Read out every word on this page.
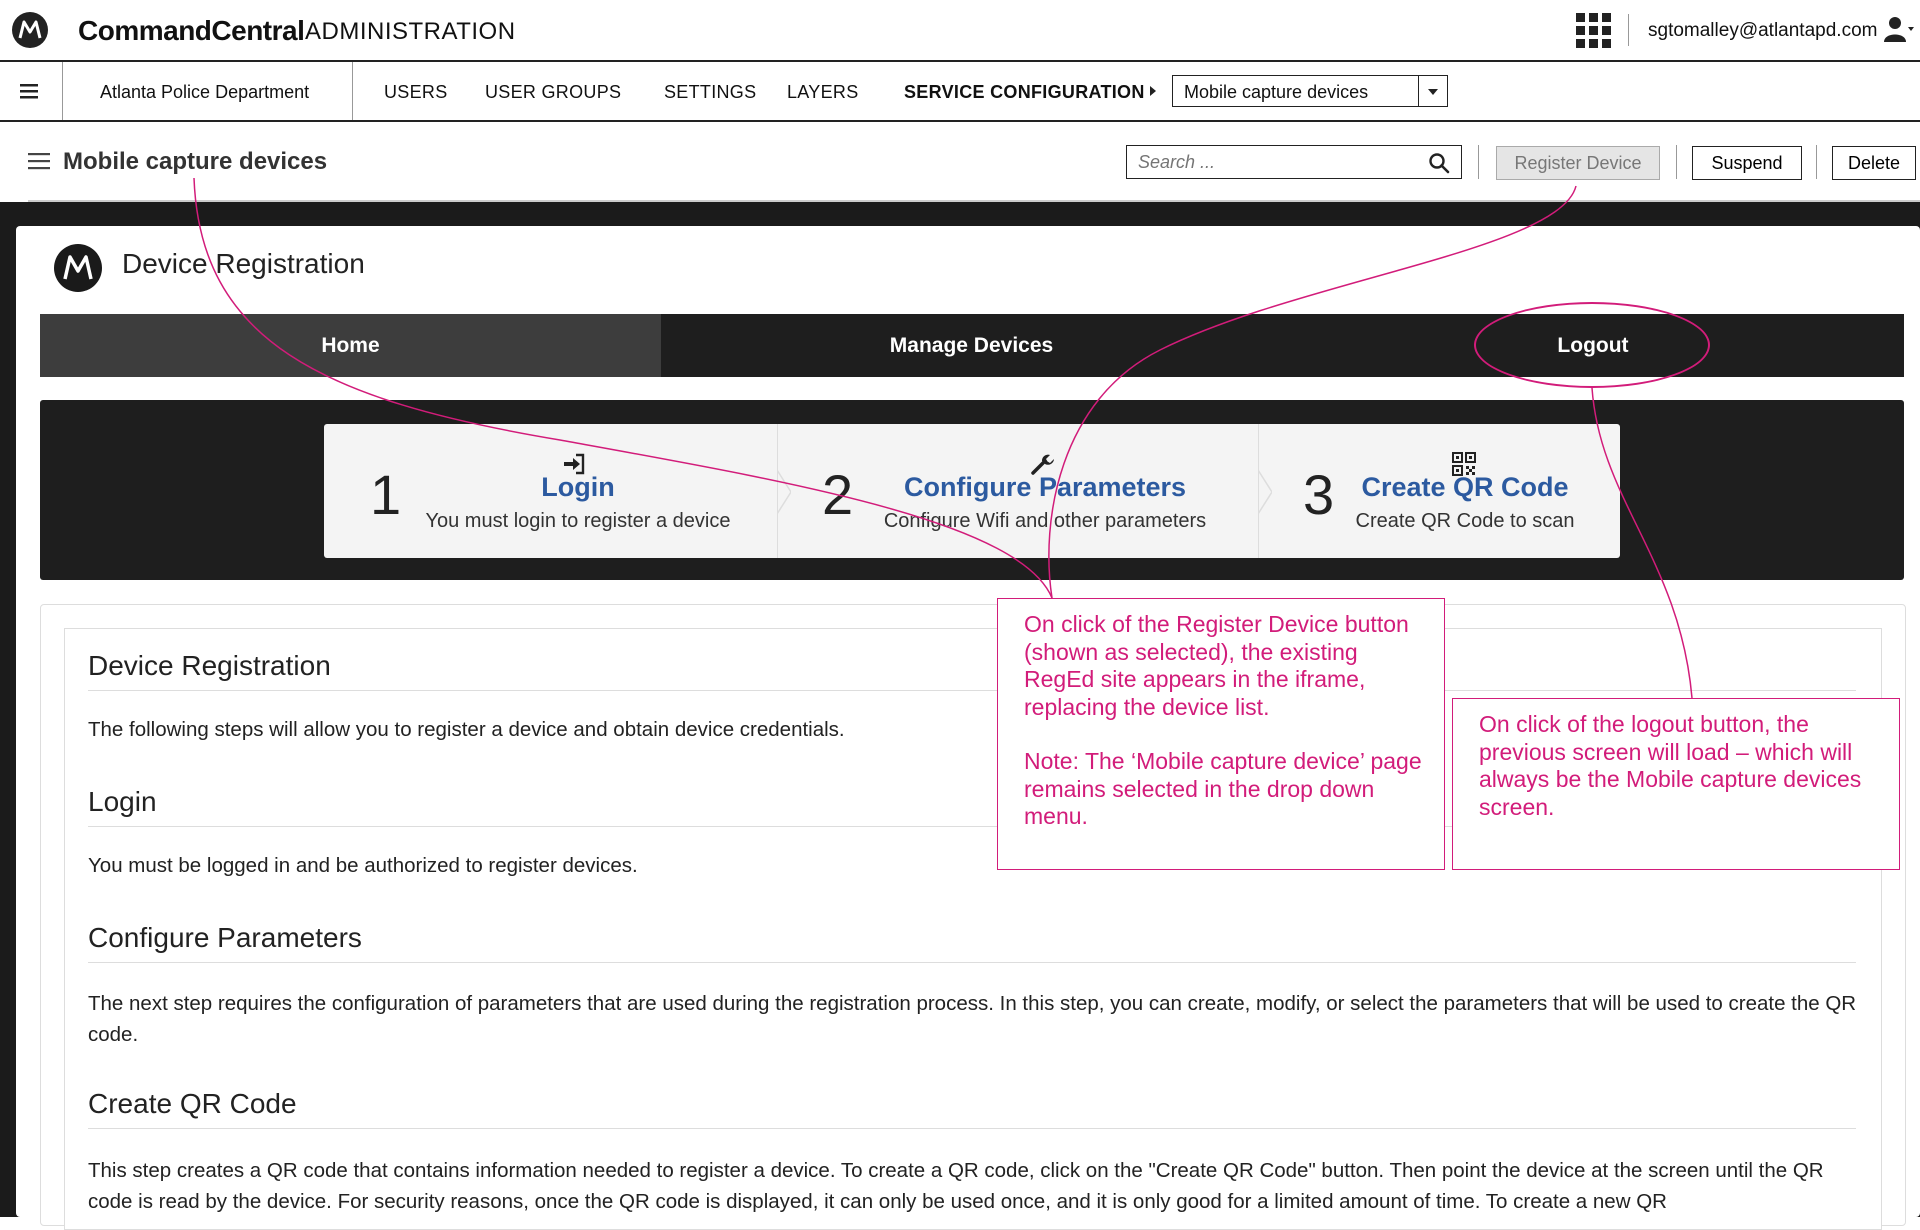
CommandCentral ADMINISTRATION	sgtomalley@atlantapd.com
Atlanta Police Department	USERS USER GROUPS SETTINGS LAYERS	SERVICE CONFIGURATION Mobile capture devices
Mobile capture devices
Search ...	Register Device	Suspend	Delete
Device Registration
Home	Manage Devices	Logout
1	Login
You must login to register a device	2	Configure Parameters
Configure Wifi and other parameters	3	Create QR Code
Create QR Code to scan
Device Registration
The following steps will allow you to register a device and obtain device credentials.
Login
You must be logged in and be authorized to register devices.
Configure Parameters
The next step requires the configuration of parameters that are used during the registration process. In this step, you can create, modify, or select the parameters that will be used to create the QR code.
Create QR Code
This step creates a QR code that contains information needed to register a device. To create a QR code, click on the "Create QR Code" button. Then point the device at the screen until the QR code is read by the device. For security reasons, once the QR code is displayed, it can only be used once, and it is only good for a limited amount of time. To create a new QR
On click of the Register Device button (shown as selected), the existing RegEd site appears in the iframe, replacing the device list.
Note: The ‘Mobile capture device’ page remains selected in the drop down menu.
On click of the logout button, the previous screen will load – which will always be the Mobile capture devices screen.
